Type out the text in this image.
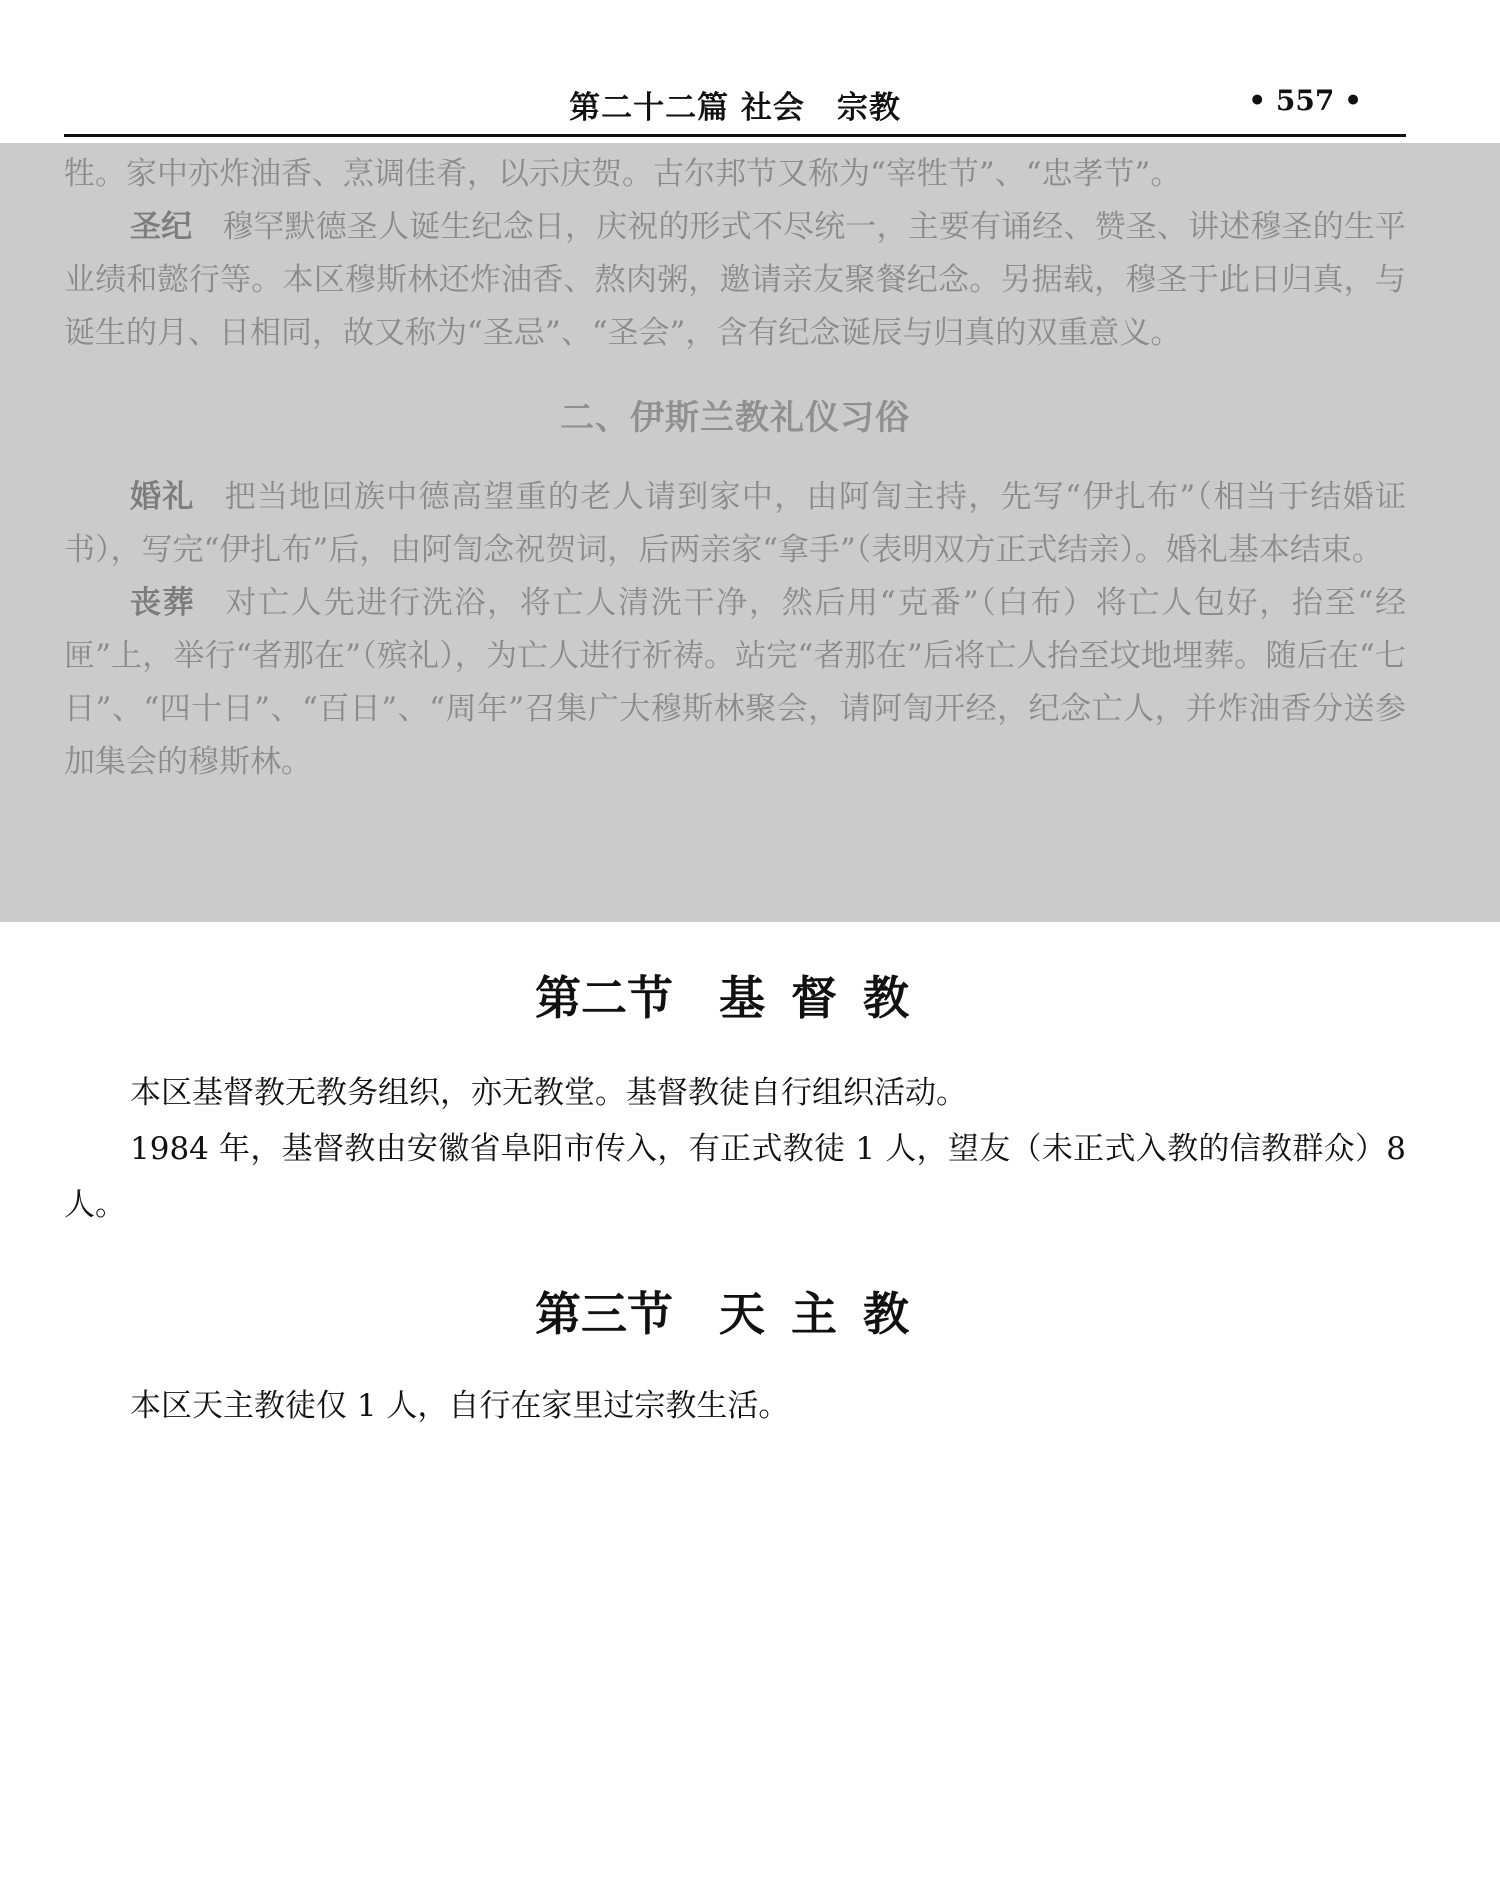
第二十二篇 社会　宗教	• 557 •

牲。家中亦炸油香、烹调佳肴，以示庆贺。古尔邦节又称为“宰牲节”、“忠孝节”。

圣纪 穆罕默德圣人诞生纪念日，庆祝的形式不尽统一，主要有诵经、赞圣、讲述穆圣的生平业绩和懿行等。本区穆斯林还炸油香、熬肉粥，邀请亲友聚餐纪念。另据载，穆圣于此日归真，与诞生的月、日相同，故又称为“圣忌”、“圣会”，含有纪念诞辰与归真的双重意义。

二、伊斯兰教礼仪习俗

婚礼 把当地回族中德高望重的老人请到家中，由阿訇主持，先写“伊扎布”（相当于结婚证书），写完“伊扎布”后，由阿訇念祝贺词，后两亲家“拿手”（表明双方正式结亲）。婚礼基本结束。

丧葬 对亡人先进行洗浴，将亡人清洗干净，然后用“克番”（白布）将亡人包好，抬至“经匣”上，举行“者那在”（殡礼），为亡人进行祈祷。站完“者那在”后将亡人抬至坟地埋葬。随后在“七日”、“四十日”、“百日”、“周年”召集广大穆斯林聚会，请阿訇开经，纪念亡人，并炸油香分送参加集会的穆斯林。

第二节 基督教

本区基督教无教务组织，亦无教堂。基督教徒自行组织活动。

1984 年，基督教由安徽省阜阳市传入，有正式教徒 1 人，望友（未正式入教的信教群众）8 人。

第三节 天主教

本区天主教徒仅 1 人，自行在家里过宗教生活。
